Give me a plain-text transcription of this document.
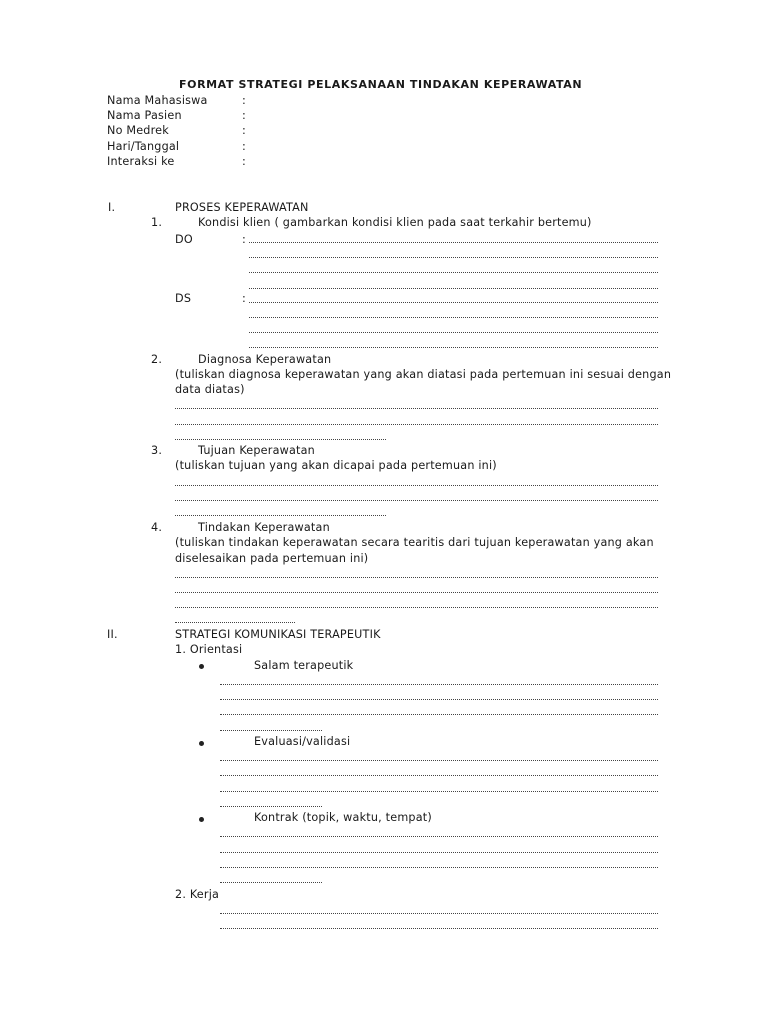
FORMAT STRATEGI PELAKSANAAN TINDAKAN KEPERAWATAN
Nama Mahasiswa	:
Nama Pasien	:
No Medrek	:
Hari/Tanggal	:
Interaksi ke	:
I.	PROSES KEPERAWATAN
1.	Kondisi klien ( gambarkan kondisi klien pada saat terkahir bertemu)
DO	:
DS	:
2.	Diagnosa Keperawatan
(tuliskan diagnosa keperawatan yang akan diatasi pada pertemuan ini sesuai dengan
data diatas)
3.	Tujuan Keperawatan
(tuliskan tujuan yang akan dicapai pada pertemuan ini)
4.	Tindakan Keperawatan
(tuliskan tindakan keperawatan secara tearitis dari tujuan keperawatan yang akan
diselesaikan pada pertemuan ini)
II.	STRATEGI KOMUNIKASI TERAPEUTIK
1. Orientasi
Salam terapeutik
Evaluasi/validasi
Kontrak (topik, waktu, tempat)
2. Kerja
